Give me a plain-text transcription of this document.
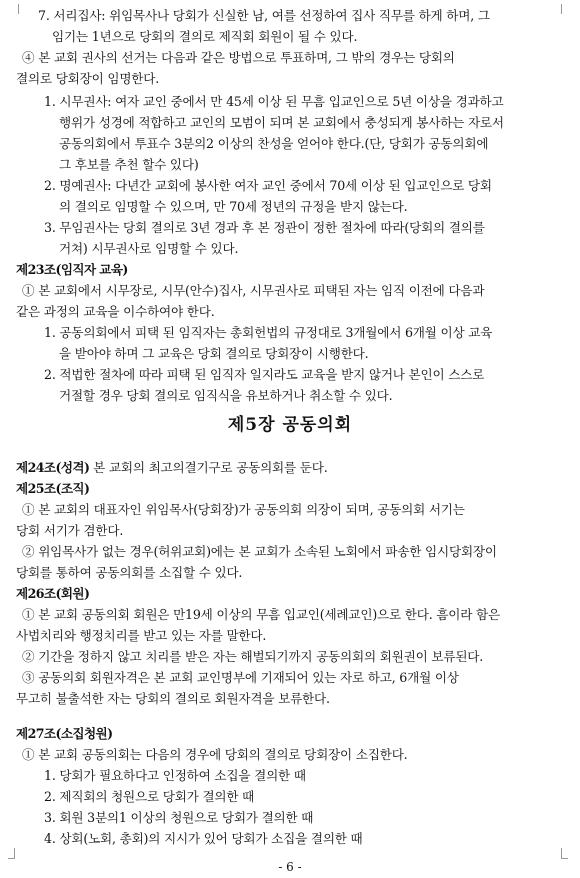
7. 서리집사: 위임목사나 당회가 신실한 남, 여를 선정하여 집사 직무를 하게 하며, 그
임기는 1년으로 당회의 결의로 제직회 회원이 될 수 있다.
④ 본 교회 권사의 선거는 다음과 같은 방법으로 투표하며, 그 밖의 경우는 당회의
결의로 당회장이 임명한다.
1. 시무권사: 여자 교인 중에서 만 45세 이상 된 무흠 입교인으로 5년 이상을 경과하고
행위가 성경에 적합하고 교인의 모범이 되며 본 교회에서 충성되게 봉사하는 자로서
공동의회에서 투표수 3분의2 이상의 찬성을 얻어야 한다.(단, 당회가 공동의회에
그 후보를 추천 할수 있다)
2. 명예권사: 다년간 교회에 봉사한 여자 교인 중에서 70세 이상 된 입교인으로 당회
의 결의로 임명할 수 있으며, 만 70세 정년의 규정을 받지 않는다.
3. 무임권사는 당회 결의로 3년 경과 후 본 정관이 정한 절차에 따라(당회의 결의를
거쳐) 시무권사로 임명할 수 있다.
제23조(임직자 교육)
① 본 교회에서 시무장로, 시무(안수)집사, 시무권사로 피택된 자는 임직 이전에 다음과
같은 과정의 교육을 이수하여야 한다.
1. 공동의회에서 피택 된 임직자는 총회헌법의 규정대로 3개월에서 6개월 이상 교육
을 받아야 하며 그 교육은 당회 결의로 당회장이 시행한다.
2. 적법한 절차에 따라 피택 된 임직자 일지라도 교육을 받지 않거나 본인이 스스로
거절할 경우 당회 결의로 임직식을 유보하거나 취소할 수 있다.
제5장 공동의회
제24조(성격) 본 교회의 최고의결기구로 공동의회를 둔다.
제25조(조직)
① 본 교회의 대표자인 위임목사(당회장)가 공동의회 의장이 되며, 공동의회 서기는
당회 서기가 겸한다.
② 위임목사가 없는 경우(허위교회)에는 본 교회가 소속된 노회에서 파송한 임시당회장이
당회를 통하여 공동의회를 소집할 수 있다.
제26조(회원)
① 본 교회 공동의회 회원은 만19세 이상의 무흠 입교인(세례교인)으로 한다. 흠이라 함은
사법치리와 행정치리를 받고 있는 자를 말한다.
② 기간을 정하지 않고 치리를 받은 자는 해벌되기까지 공동의회의 회원권이 보류된다.
③ 공동의회 회원자격은 본 교회 교인명부에 기재되어 있는 자로 하고, 6개월 이상
무고히 불출석한 자는 당회의 결의로 회원자격을 보류한다.
제27조(소집청원)
① 본 교회 공동의회는 다음의 경우에 당회의 결의로 당회장이 소집한다.
1. 당회가 필요하다고 인정하여 소집을 결의한 때
2. 제직회의 청원으로 당회가 결의한 때
3. 회원 3분의1 이상의 청원으로 당회가 결의한 때
4. 상회(노회, 총회)의 지시가 있어 당회가 소집을 결의한 때
- 6 -
